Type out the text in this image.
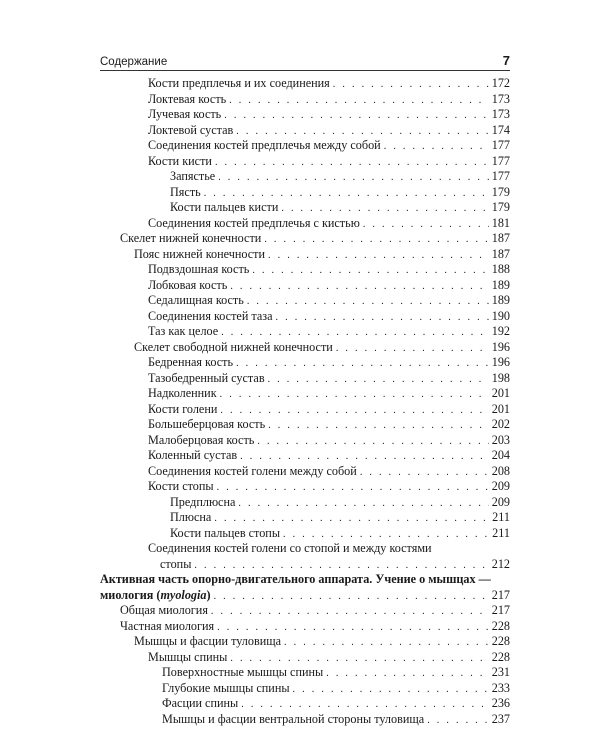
Содержание	7
Кости предплечья и их соединения . . .	172
Локтевая кость . . .	173
Лучевая кость . . .	173
Локтевой сустав . . .	174
Соединения костей предплечья между собой . . .	177
Кости кисти . . .	177
Запястье . . .	177
Пясть . . .	179
Кости пальцев кисти . . .	179
Соединения костей предплечья с кистью . . .	181
Скелет нижней конечности . . .	187
Пояс нижней конечности . . .	187
Подвздошная кость . . .	188
Лобковая кость . . .	189
Седалищная кость . . .	189
Соединения костей таза . . .	190
Таз как целое . . .	192
Скелет свободной нижней конечности . . .	196
Бедренная кость . . .	196
Тазобедренный сустав . . .	198
Надколенник . . .	201
Кости голени . . .	201
Большеберцовая кость . . .	202
Малоберцовая кость . . .	203
Коленный сустав . . .	204
Соединения костей голени между собой . . .	208
Кости стопы . . .	209
Предплюсна . . .	209
Плюсна . . .	211
Кости пальцев стопы . . .	211
Соединения костей голени со стопой и между костями
стопы . . .	212
Активная часть опорно-двигательного аппарата. Учение о мышцах —
миология (myologia) . . .	217
Общая миология . . .	217
Частная миология . . .	228
Мышцы и фасции туловища . . .	228
Мышцы спины . . .	228
Поверхностные мышцы спины . . .	231
Глубокие мышцы спины . . .	233
Фасции спины . . .	236
Мышцы и фасции вентральной стороны туловища . . .	237
